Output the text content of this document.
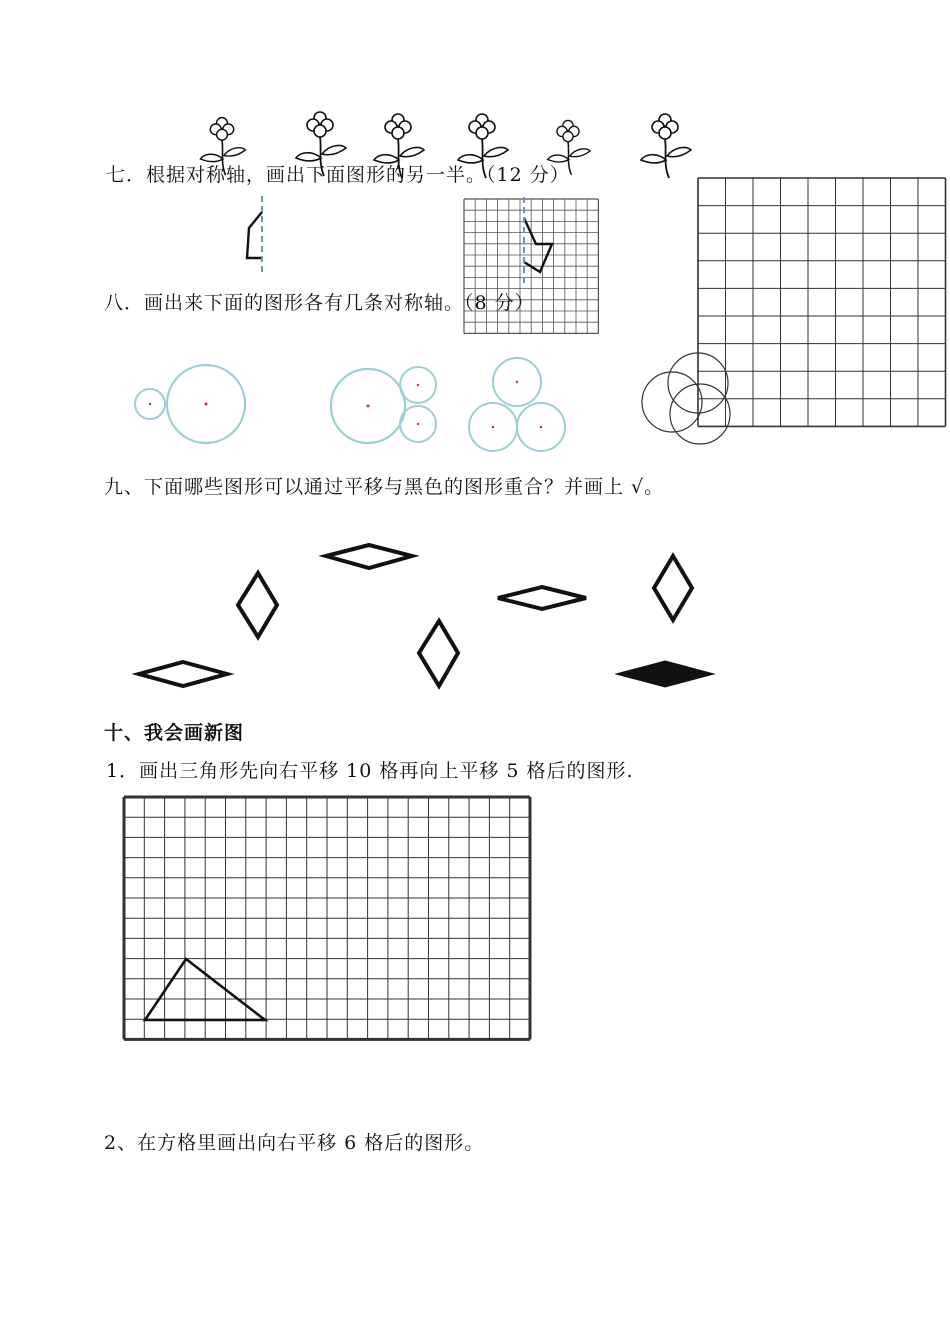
七．根据对称轴，画出下面图形的另一半。（12 分）
八．画出来下面的图形各有几条对称轴。（8 分）
九、下面哪些图形可以通过平移与黑色的图形重合？并画上 √。
十、我会画新图
1．画出三角形先向右平移 10 格再向上平移 5 格后的图形.
2、在方格里画出向右平移 6 格后的图形。
